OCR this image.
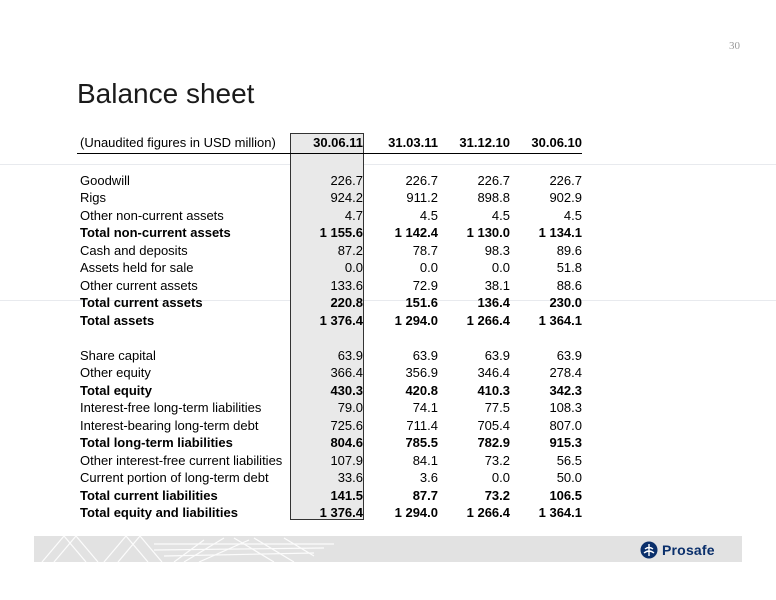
30
Balance sheet
(Unaudited figures in USD million)	30.06.11	31.03.11	31.12.10	30.06.10

Goodwill	226.7	226.7	226.7	226.7
Rigs	924.2	911.2	898.8	902.9
Other non-current assets	4.7	4.5	4.5	4.5
Total non-current assets	1 155.6	1 142.4	1 130.0	1 134.1
Cash and deposits	87.2	78.7	98.3	89.6
Assets held for sale	0.0	0.0	0.0	51.8
Other current assets	133.6	72.9	38.1	88.6
Total current assets	220.8	151.6	136.4	230.0
Total assets	1 376.4	1 294.0	1 266.4	1 364.1

Share capital	63.9	63.9	63.9	63.9
Other equity	366.4	356.9	346.4	278.4
Total equity	430.3	420.8	410.3	342.3
Interest-free long-term liabilities	79.0	74.1	77.5	108.3
Interest-bearing long-term debt	725.6	711.4	705.4	807.0
Total long-term liabilities	804.6	785.5	782.9	915.3
Other interest-free current liabilities	107.9	84.1	73.2	56.5
Current portion of long-term debt	33.6	3.6	0.0	50.0
Total current liabilities	141.5	87.7	73.2	106.5
Total equity and liabilities	1 376.4	1 294.0	1 266.4	1 364.1
Prosafe
